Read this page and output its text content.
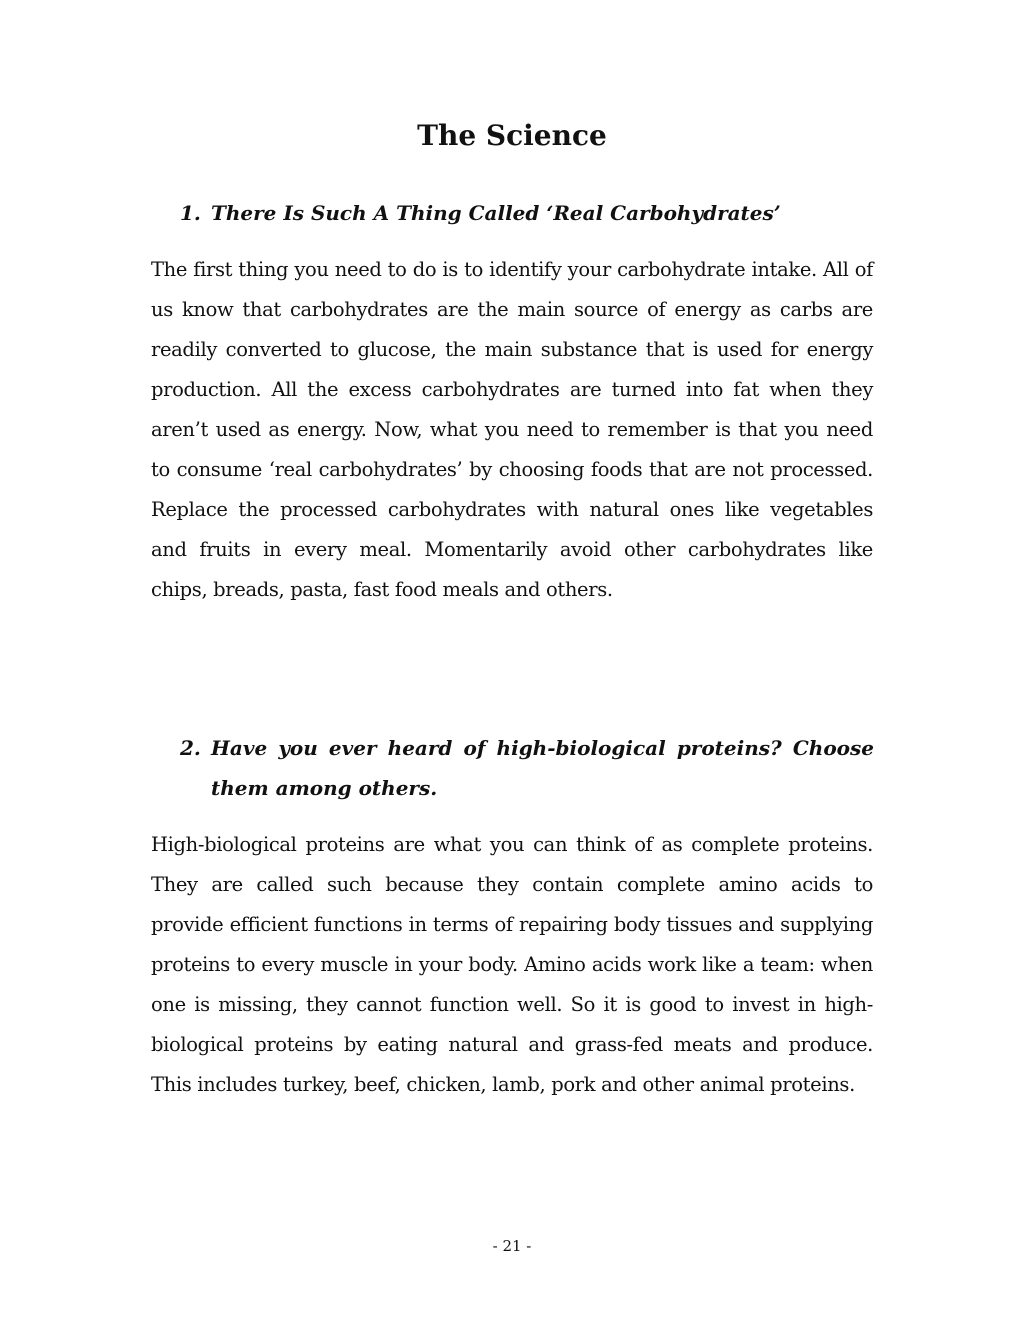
The Science
1. There Is Such A Thing Called ‘Real Carbohydrates’

The first thing you need to do is to identify your carbohydrate intake. All of us know that carbohydrates are the main source of energy as carbs are readily converted to glucose, the main substance that is used for energy production. All the excess carbohydrates are turned into fat when they aren’t used as energy. Now, what you need to remember is that you need to consume ‘real carbohydrates’ by choosing foods that are not processed. Replace the processed carbohydrates with natural ones like vegetables and fruits in every meal. Momentarily avoid other carbohydrates like chips, breads, pasta, fast food meals and others.

2. Have you ever heard of high-biological proteins? Choose them among others.

High-biological proteins are what you can think of as complete proteins. They are called such because they contain complete amino acids to provide efficient functions in terms of repairing body tissues and supplying proteins to every muscle in your body. Amino acids work like a team: when one is missing, they cannot function well. So it is good to invest in high-biological proteins by eating natural and grass-fed meats and produce. This includes turkey, beef, chicken, lamb, pork and other animal proteins.

- 21 -
